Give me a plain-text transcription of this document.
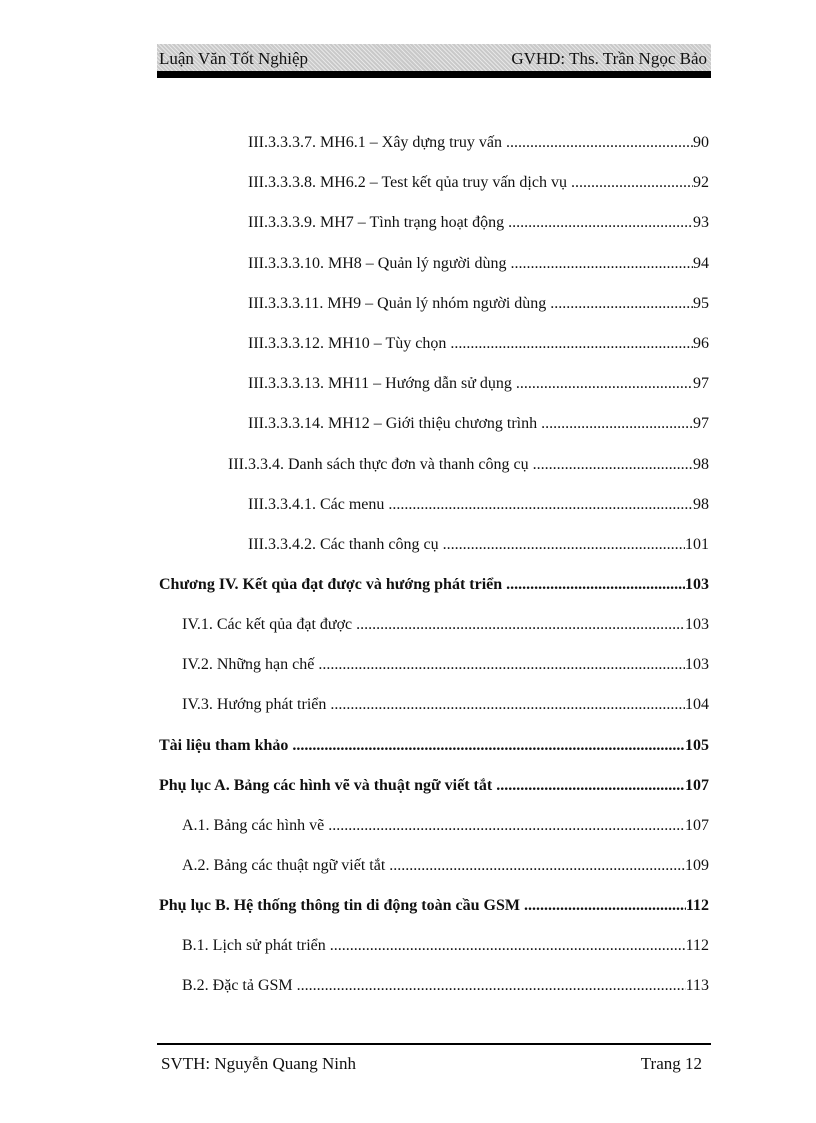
Luận Văn Tốt Nghiệp	GVHD: Ths. Trần Ngọc Bảo
III.3.3.3.7. MH6.1 – Xây dựng truy vấn .....	90
III.3.3.3.8. MH6.2 – Test kết qủa truy vấn dịch vụ .....	92
III.3.3.3.9. MH7 – Tình trạng hoạt động .....	93
III.3.3.3.10. MH8 – Quản lý người dùng .....	94
III.3.3.3.11. MH9 – Quản lý nhóm người dùng .....	95
III.3.3.3.12. MH10 – Tùy chọn .....	96
III.3.3.3.13. MH11 – Hướng dẫn sử dụng .....	97
III.3.3.3.14. MH12 – Giới thiệu chương trình .....	97
III.3.3.4. Danh sách thực đơn và thanh công cụ .....	98
III.3.3.4.1. Các menu .....	98
III.3.3.4.2. Các thanh công cụ .....	101
Chương IV. Kết qủa đạt được và hướng phát triển .....	103
IV.1. Các kết qủa đạt được .....	103
IV.2. Những hạn chế .....	103
IV.3. Hướng phát triển .....	104
Tài liệu tham khảo .....	105
Phụ lục A. Bảng các hình vẽ và thuật ngữ viết tắt .....	107
A.1. Bảng các hình vẽ .....	107
A.2. Bảng các thuật ngữ viết tắt .....	109
Phụ lục B. Hệ thống thông tin di động toàn cầu GSM .....	112
B.1. Lịch sử phát triển .....	112
B.2. Đặc tả GSM .....	113
SVTH: Nguyễn Quang Ninh	Trang 12
